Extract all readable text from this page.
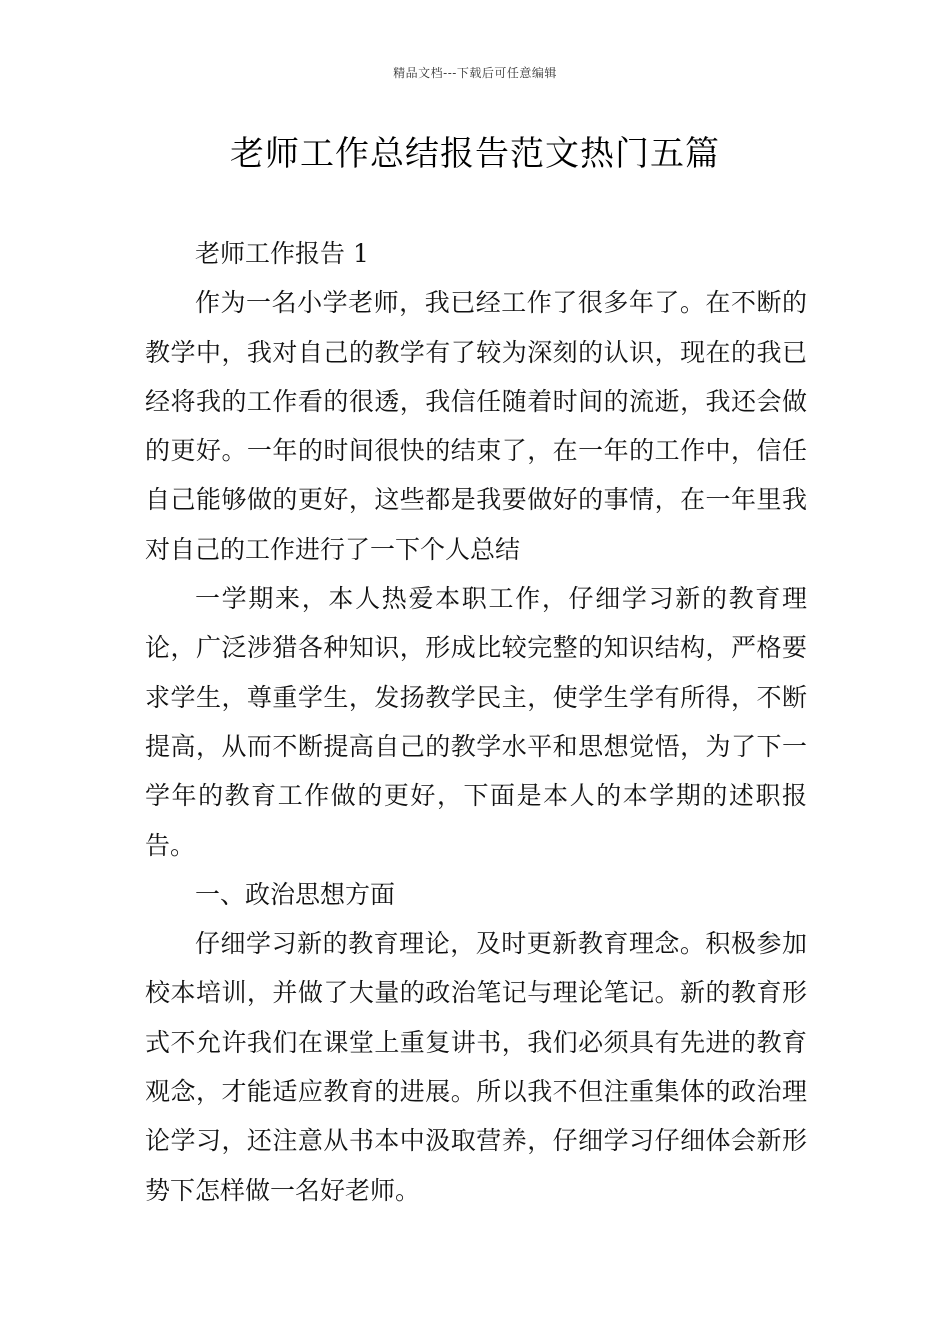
精品文档---下载后可任意编辑
老师工作总结报告范文热门五篇

老师工作报告 1

作为一名小学老师，我已经工作了很多年了。在不断的教学中，我对自己的教学有了较为深刻的认识，现在的我已经将我的工作看的很透，我信任随着时间的流逝，我还会做的更好。一年的时间很快的结束了，在一年的工作中，信任自己能够做的更好，这些都是我要做好的事情，在一年里我对自己的工作进行了一下个人总结

一学期来，本人热爱本职工作，仔细学习新的教育理论，广泛涉猎各种知识，形成比较完整的知识结构，严格要求学生，尊重学生，发扬教学民主，使学生学有所得，不断提高，从而不断提高自己的教学水平和思想觉悟，为了下一学年的教育工作做的更好，下面是本人的本学期的述职报告。

一、政治思想方面

仔细学习新的教育理论，及时更新教育理念。积极参加校本培训，并做了大量的政治笔记与理论笔记。新的教育形式不允许我们在课堂上重复讲书，我们必须具有先进的教育观念，才能适应教育的进展。所以我不但注重集体的政治理论学习，还注意从书本中汲取营养，仔细学习仔细体会新形势下怎样做一名好老师。
